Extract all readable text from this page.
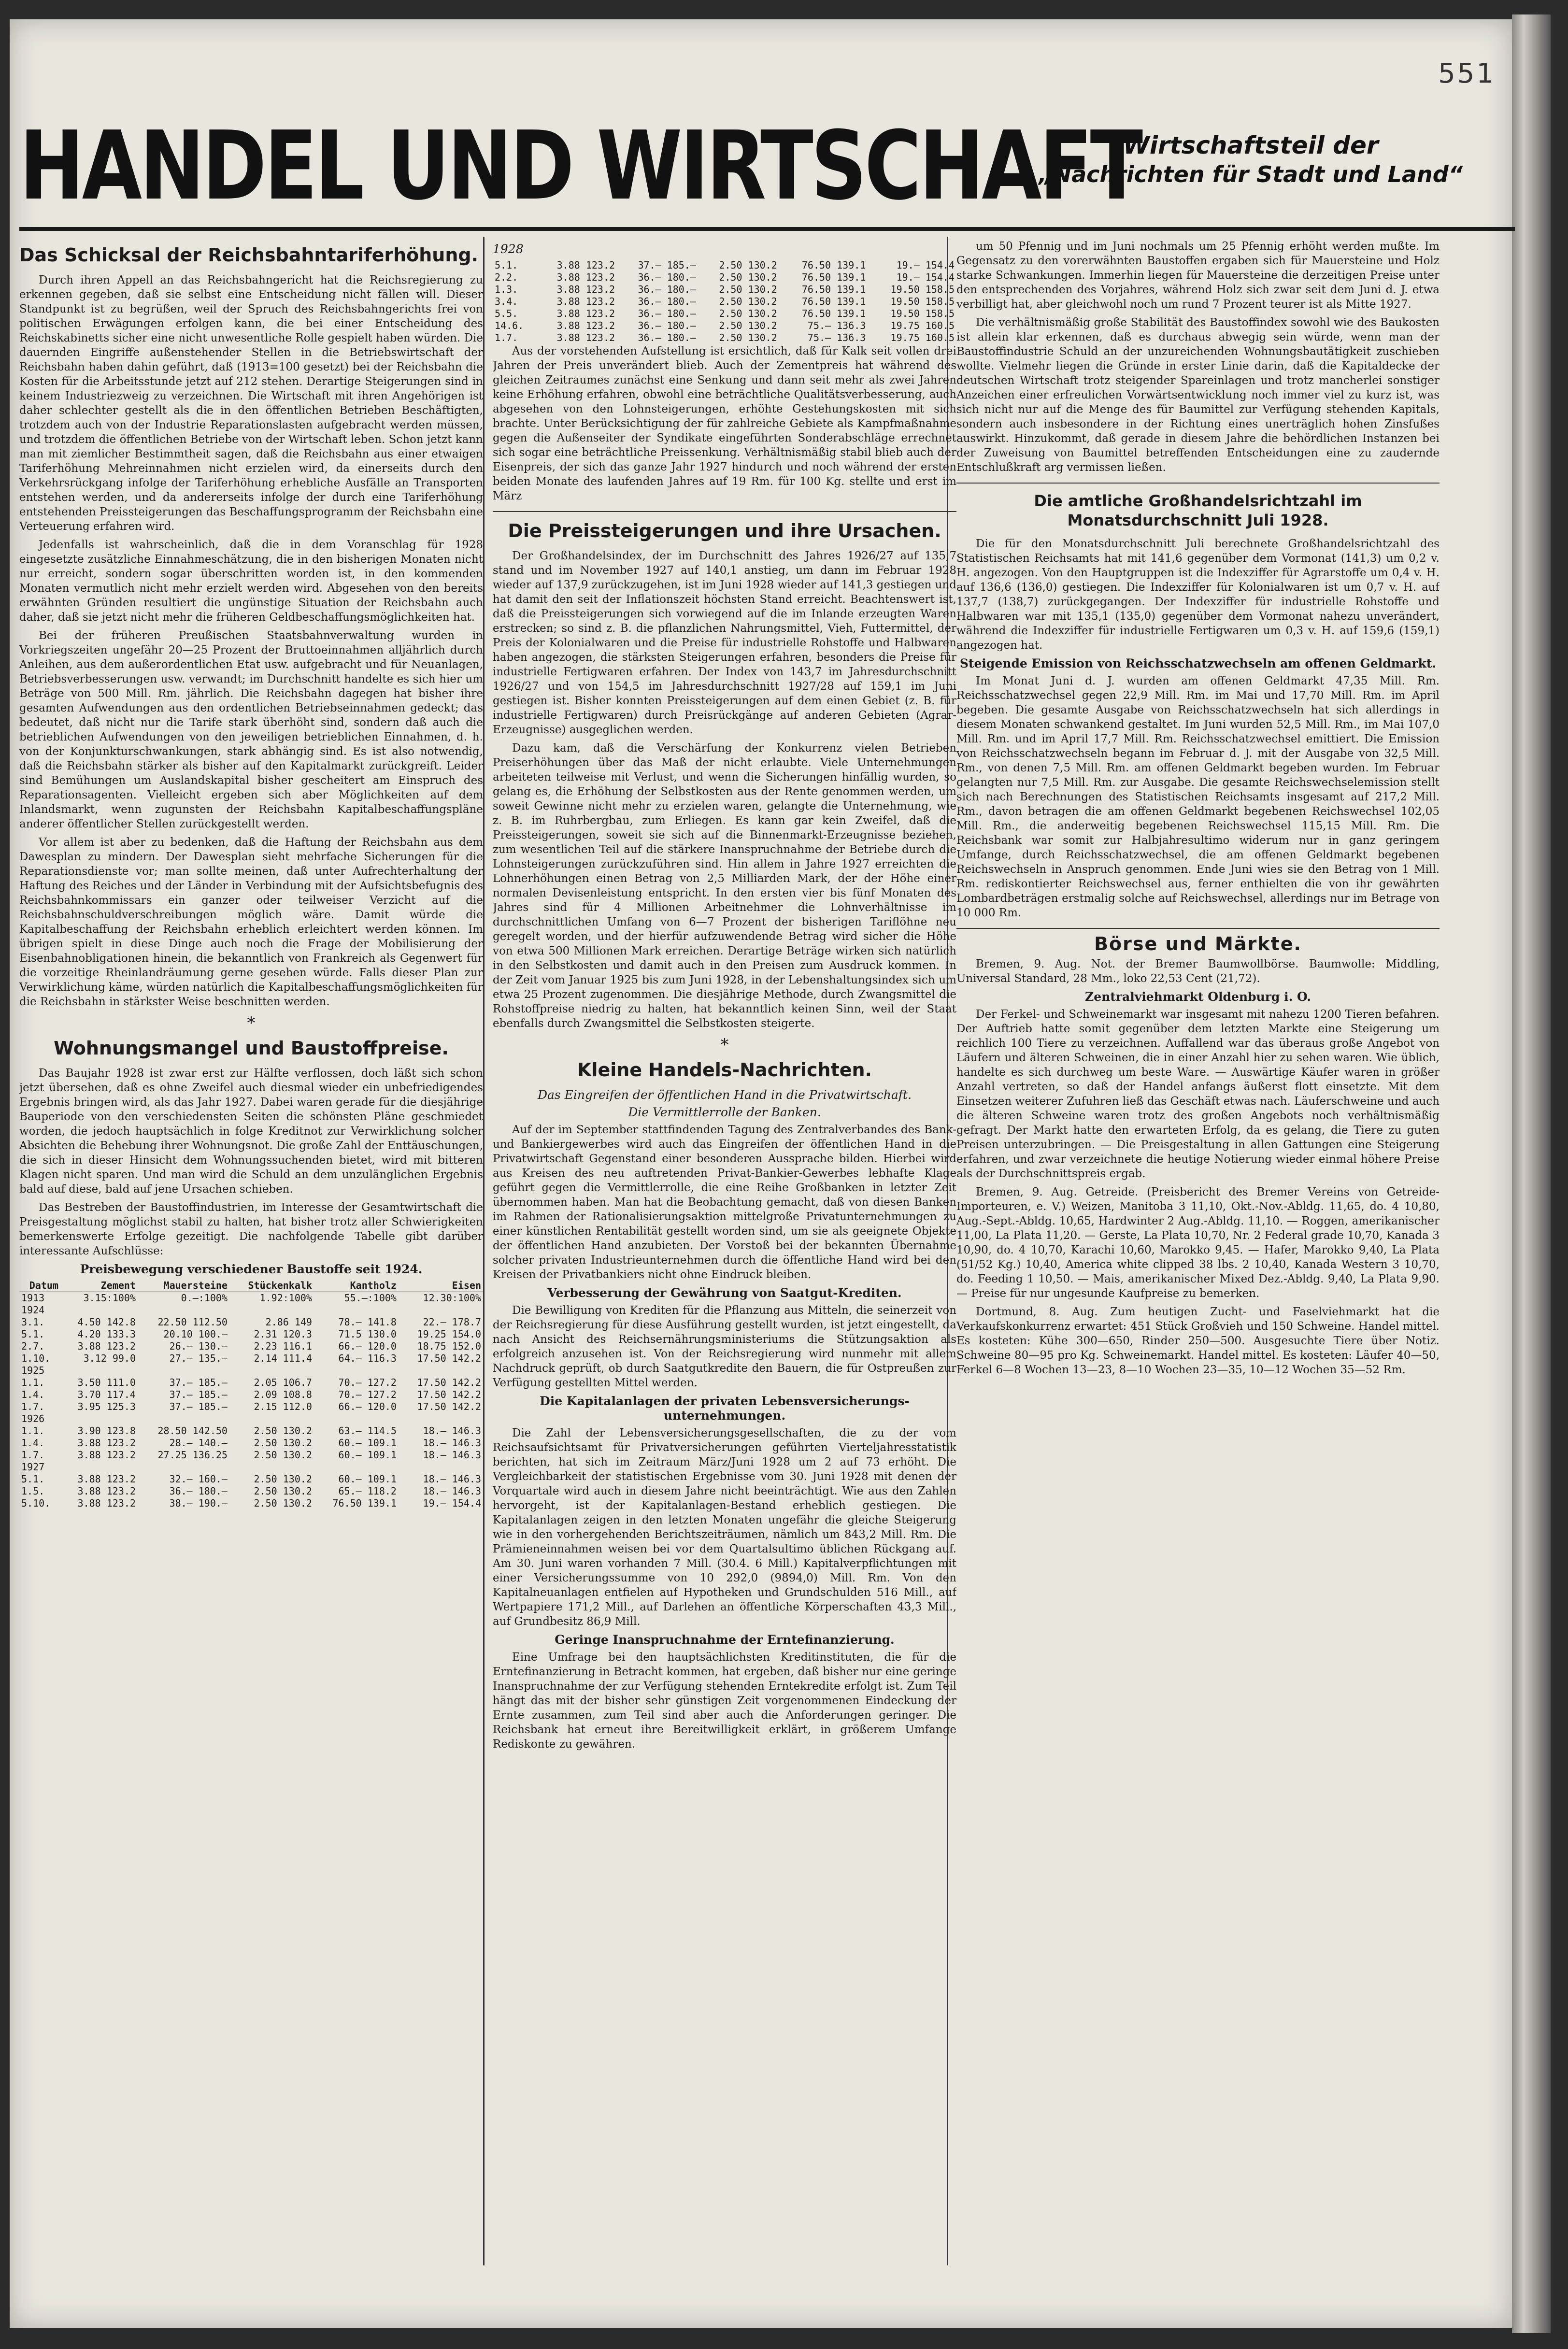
551
HANDEL UND WIRTSCHAFT
Wirtschaftsteil der
„Nachrichten für Stadt und Land“
Das Schicksal der Reichsbahntariferhöhung.

Durch ihren Appell an das Reichsbahngericht hat die Reichsregierung zu erkennen gegeben, daß sie selbst eine Entscheidung nicht fällen will. Dieser Standpunkt ist zu begrüßen, weil der Spruch des Reichsbahngerichts frei von politischen Erwägungen erfolgen kann, die bei einer Entscheidung des Reichskabinetts sicher eine nicht unwesentliche Rolle gespielt haben würden. Die dauernden Eingriffe außenstehender Stellen in die Betriebswirtschaft der Reichsbahn haben dahin geführt, daß (1913=100 gesetzt) bei der Reichsbahn die Kosten für die Arbeitsstunde jetzt auf 212 stehen. Derartige Steigerungen sind in keinem Industriezweig zu verzeichnen. Die Wirtschaft mit ihren Angehörigen ist daher schlechter gestellt als die in den öffentlichen Betrieben Beschäftigten, trotzdem auch von der Industrie Reparationslasten aufgebracht werden müssen, und trotzdem die öffentlichen Betriebe von der Wirtschaft leben. Schon jetzt kann man mit ziemlicher Bestimmtheit sagen, daß die Reichsbahn aus einer etwaigen Tariferhöhung Mehreinnahmen nicht erzielen wird, da einerseits durch den Verkehrsrückgang infolge der Tariferhöhung erhebliche Ausfälle an Transporten entstehen werden, und da andererseits infolge der durch eine Tariferhöhung entstehenden Preissteigerungen das Beschaffungsprogramm der Reichsbahn eine Verteuerung erfahren wird.

Jedenfalls ist wahrscheinlich, daß die in dem Voranschlag für 1928 eingesetzte zusätzliche Einnahmeschätzung, die in den bisherigen Monaten nicht nur erreicht, sondern sogar überschritten worden ist, in den kommenden Monaten vermutlich nicht mehr erzielt werden wird. Abgesehen von den bereits erwähnten Gründen resultiert die ungünstige Situation der Reichsbahn auch daher, daß sie jetzt nicht mehr die früheren Geldbeschaffungsmöglichkeiten hat.

Bei der früheren Preußischen Staatsbahnverwaltung wurden in Vorkriegszeiten ungefähr 20—25 Prozent der Bruttoeinnahmen alljährlich durch Anleihen, aus dem außerordentlichen Etat usw. aufgebracht und für Neuanlagen, Betriebsverbesserungen usw. verwandt; im Durchschnitt handelte es sich hier um Beträge von 500 Mill. Rm. jährlich. Die Reichsbahn dagegen hat bisher ihre gesamten Aufwendungen aus den ordentlichen Betriebseinnahmen gedeckt; das bedeutet, daß nicht nur die Tarife stark überhöht sind, sondern daß auch die betrieblichen Aufwendungen von den jeweiligen betrieblichen Einnahmen, d. h. von der Konjunkturschwankungen, stark abhängig sind. Es ist also notwendig, daß die Reichsbahn stärker als bisher auf den Kapitalmarkt zurückgreift. Leider sind Bemühungen um Auslandskapital bisher gescheitert am Einspruch des Reparationsagenten. Vielleicht ergeben sich aber Möglichkeiten auf dem Inlandsmarkt, wenn zugunsten der Reichsbahn Kapitalbeschaffungspläne anderer öffentlicher Stellen zurückgestellt werden.

Vor allem ist aber zu bedenken, daß die Haftung der Reichsbahn aus dem Dawesplan zu mindern. Der Dawesplan sieht mehrfache Sicherungen für die Reparationsdienste vor; man sollte meinen, daß unter Aufrechterhaltung der Haftung des Reiches und der Länder in Verbindung mit der Aufsichtsbefugnis des Reichsbahnkommissars ein ganzer oder teilweiser Verzicht auf die Reichsbahnschuldverschreibungen möglich wäre. Damit würde die Kapitalbeschaffung der Reichsbahn erheblich erleichtert werden können. Im übrigen spielt in diese Dinge auch noch die Frage der Mobilisierung der Eisenbahnobligationen hinein, die bekanntlich von Frankreich als Gegenwert für die vorzeitige Rheinlandräumung gerne gesehen würde. Falls dieser Plan zur Verwirklichung käme, würden natürlich die Kapitalbeschaffungsmöglichkeiten für die Reichsbahn in stärkster Weise beschnitten werden.

*
Wohnungsmangel und Baustoffpreise.

Das Baujahr 1928 ist zwar erst zur Hälfte verflossen, doch läßt sich schon jetzt übersehen, daß es ohne Zweifel auch diesmal wieder ein unbefriedigendes Ergebnis bringen wird, als das Jahr 1927. Dabei waren gerade für die diesjährige Bauperiode von den verschiedensten Seiten die schönsten Pläne geschmiedet worden, die jedoch hauptsächlich in folge Kreditnot zur Verwirklichung solcher Absichten die Behebung ihrer Wohnungsnot. Die große Zahl der Enttäuschungen, die sich in dieser Hinsicht dem Wohnungssuchenden bietet, wird mit bitteren Klagen nicht sparen. Und man wird die Schuld an dem unzulänglichen Ergebnis bald auf diese, bald auf jene Ursachen schieben.

Das Bestreben der Baustoffindustrien, im Interesse der Gesamtwirtschaft die Preisgestaltung möglichst stabil zu halten, hat bisher trotz aller Schwierigkeiten bemerkenswerte Erfolge gezeitigt. Die nachfolgende Tabelle gibt darüber interessante Aufschlüsse:

Preisbewegung verschiedener Baustoffe seit 1924.
Datum	Zement	Mauersteine	Stückenkalk	Kantholz	Eisen
1913	3.15:100%	0.—:100%	1.92:100%	55.—:100%	12.30:100%
1924					
3.1.	4.50 142.8	22.50 112.50	2.86 149	78.— 141.8	22.— 178.7
5.1.	4.20 133.3	20.10 100.—	2.31 120.3	71.5 130.0	19.25 154.0
2.7.	3.88 123.2	26.— 130.—	2.23 116.1	66.— 120.0	18.75 152.0
1.10.	3.12 99.0	27.— 135.—	2.14 111.4	64.— 116.3	17.50 142.2
1925					
1.1.	3.50 111.0	37.— 185.—	2.05 106.7	70.— 127.2	17.50 142.2
1.4.	3.70 117.4	37.— 185.—	2.09 108.8	70.— 127.2	17.50 142.2
1.7.	3.95 125.3	37.— 185.—	2.15 112.0	66.— 120.0	17.50 142.2
1926					
1.1.	3.90 123.8	28.50 142.50	2.50 130.2	63.— 114.5	18.— 146.3
1.4.	3.88 123.2	28.— 140.—	2.50 130.2	60.— 109.1	18.— 146.3
1.7.	3.88 123.2	27.25 136.25	2.50 130.2	60.— 109.1	18.— 146.3
1927					
5.1.	3.88 123.2	32.— 160.—	2.50 130.2	60.— 109.1	18.— 146.3
1.5.	3.88 123.2	36.— 180.—	2.50 130.2	65.— 118.2	18.— 146.3
5.10.	3.88 123.2	38.— 190.—	2.50 130.2	76.50 139.1	19.— 154.4
1928
5.1.	3.88 123.2	37.— 185.—	2.50 130.2	76.50 139.1	19.— 154.4
2.2.	3.88 123.2	36.— 180.—	2.50 130.2	76.50 139.1	19.— 154.4
1.3.	3.88 123.2	36.— 180.—	2.50 130.2	76.50 139.1	19.50 158.5
3.4.	3.88 123.2	36.— 180.—	2.50 130.2	76.50 139.1	19.50 158.5
5.5.	3.88 123.2	36.— 180.—	2.50 130.2	76.50 139.1	19.50 158.5
14.6.	3.88 123.2	36.— 180.—	2.50 130.2	75.— 136.3	19.75 160.5
1.7.	3.88 123.2	36.— 180.—	2.50 130.2	75.— 136.3	19.75 160.5

Aus der vorstehenden Aufstellung ist ersichtlich, daß für Kalk seit vollen drei Jahren der Preis unverändert blieb. Auch der Zementpreis hat während des gleichen Zeitraumes zunächst eine Senkung und dann seit mehr als zwei Jahren keine Erhöhung erfahren, obwohl eine beträchtliche Qualitätsverbesserung, auch abgesehen von den Lohnsteigerungen, erhöhte Gestehungskosten mit sich brachte. Unter Berücksichtigung der für zahlreiche Gebiete als Kampfmaßnahme gegen die Außenseiter der Syndikate eingeführten Sonderabschläge errechnet sich sogar eine beträchtliche Preissenkung. Verhältnismäßig stabil blieb auch der Eisenpreis, der sich das ganze Jahr 1927 hindurch und noch während der ersten beiden Monate des laufenden Jahres auf 19 Rm. für 100 Kg. stellte und erst im März

Die Preissteigerungen und ihre Ursachen.

Der Großhandelsindex, der im Durchschnitt des Jahres 1926/27 auf 135,7 stand und im November 1927 auf 140,1 anstieg, um dann im Februar 1928 wieder auf 137,9 zurückzugehen, ist im Juni 1928 wieder auf 141,3 gestiegen und hat damit den seit der Inflationszeit höchsten Stand erreicht. Beachtenswert ist, daß die Preissteigerungen sich vorwiegend auf die im Inlande erzeugten Waren erstrecken; so sind z. B. die pflanzlichen Nahrungsmittel, Vieh, Futtermittel, der Preis der Kolonialwaren und die Preise für industrielle Rohstoffe und Halbwaren haben angezogen, die stärksten Steigerungen erfahren, besonders die Preise für industrielle Fertigwaren erfahren. Der Index von 143,7 im Jahresdurchschnitt 1926/27 und von 154,5 im Jahresdurchschnitt 1927/28 auf 159,1 im Juni gestiegen ist. Bisher konnten Preissteigerungen auf dem einen Gebiet (z. B. für industrielle Fertigwaren) durch Preisrückgänge auf anderen Gebieten (Agrar-Erzeugnisse) ausgeglichen werden.

Dazu kam, daß die Verschärfung der Konkurrenz vielen Betrieben Preiserhöhungen über das Maß der nicht erlaubte. Viele Unternehmungen arbeiteten teilweise mit Verlust, und wenn die Sicherungen hinfällig wurden, so gelang es, die Erhöhung der Selbstkosten aus der Rente genommen werden, um soweit Gewinne nicht mehr zu erzielen waren, gelangte die Unternehmung, wie z. B. im Ruhrbergbau, zum Erliegen. Es kann gar kein Zweifel, daß die Preissteigerungen, soweit sie sich auf die Binnenmarkt-Erzeugnisse beziehen, zum wesentlichen Teil auf die stärkere Inanspruchnahme der Betriebe durch die Lohnsteigerungen zurückzuführen sind. Hin allem in Jahre 1927 erreichten die Lohnerhöhungen einen Betrag von 2,5 Milliarden Mark, der der Höhe einer normalen Devisenleistung entspricht. In den ersten vier bis fünf Monaten des Jahres sind für 4 Millionen Arbeitnehmer die Lohnverhältnisse im durchschnittlichen Umfang von 6—7 Prozent der bisherigen Tariflöhne neu geregelt worden, und der hierfür aufzuwendende Betrag wird sicher die Höhe von etwa 500 Millionen Mark erreichen. Derartige Beträge wirken sich natürlich in den Selbstkosten und damit auch in den Preisen zum Ausdruck kommen. In der Zeit vom Januar 1925 bis zum Juni 1928, in der Lebenshaltungsindex sich um etwa 25 Prozent zugenommen. Die diesjährige Methode, durch Zwangsmittel die Rohstoffpreise niedrig zu halten, hat bekanntlich keinen Sinn, weil der Staat ebenfalls durch Zwangsmittel die Selbstkosten steigerte.

*
Kleine Handels-Nachrichten.
Das Eingreifen der öffentlichen Hand in die Privatwirtschaft.
Die Vermittlerrolle der Banken.

Auf der im September stattfindenden Tagung des Zentralverbandes des Bank- und Bankiergewerbes wird auch das Eingreifen der öffentlichen Hand in die Privatwirtschaft Gegenstand einer besonderen Aussprache bilden. Hierbei wird aus Kreisen des neu auftretenden Privat-Bankier-Gewerbes lebhafte Klage geführt gegen die Vermittlerrolle, die eine Reihe Großbanken in letzter Zeit übernommen haben. Man hat die Beobachtung gemacht, daß von diesen Banken im Rahmen der Rationalisierungsaktion mittelgroße Privatunternehmungen zu einer künstlichen Rentabilität gestellt worden sind, um sie als geeignete Objekte der öffentlichen Hand anzubieten. Der Vorstoß bei der bekannten Übernahme solcher privaten Industrieunternehmen durch die öffentliche Hand wird bei den Kreisen der Privatbankiers nicht ohne Eindruck bleiben.

Verbesserung der Gewährung von Saatgut-Krediten.

Die Bewilligung von Krediten für die Pflanzung aus Mitteln, die seinerzeit von der Reichsregierung für diese Ausführung gestellt wurden, ist jetzt eingestellt, da nach Ansicht des Reichsernährungsministeriums die Stützungsaktion als erfolgreich anzusehen ist. Von der Reichsregierung wird nunmehr mit allem Nachdruck geprüft, ob durch Saatgutkredite den Bauern, die für Ostpreußen zur Verfügung gestellten Mittel werden.

Die Kapitalanlagen der privaten Lebensversicherungs-unternehmungen.

Die Zahl der Lebensversicherungsgesellschaften, die zu der vom Reichsaufsichtsamt für Privatversicherungen geführten Vierteljahresstatistik berichten, hat sich im Zeitraum März/Juni 1928 um 2 auf 73 erhöht. Die Vergleichbarkeit der statistischen Ergebnisse vom 30. Juni 1928 mit denen der Vorquartale wird auch in diesem Jahre nicht beeinträchtigt. Wie aus den Zahlen hervorgeht, ist der Kapitalanlagen-Bestand erheblich gestiegen. Die Kapitalanlagen zeigen in den letzten Monaten ungefähr die gleiche Steigerung wie in den vorhergehenden Berichtszeiträumen, nämlich um 843,2 Mill. Rm. Die Prämieneinnahmen weisen bei vor dem Quartalsultimo üblichen Rückgang auf. Am 30. Juni waren vorhanden 7 Mill. (30.4. 6 Mill.) Kapitalverpflichtungen mit einer Versicherungssumme von 10 292,0 (9894,0) Mill. Rm. Von den Kapitalneuanlagen entfielen auf Hypotheken und Grundschulden 516 Mill., auf Wertpapiere 171,2 Mill., auf Darlehen an öffentliche Körperschaften 43,3 Mill., auf Grundbesitz 86,9 Mill.

Geringe Inanspruchnahme der Erntefinanzierung.

Eine Umfrage bei den hauptsächlichsten Kreditinstituten, die für die Erntefinanzierung in Betracht kommen, hat ergeben, daß bisher nur eine geringe Inanspruchnahme der zur Verfügung stehenden Erntekredite erfolgt ist. Zum Teil hängt das mit der bisher sehr günstigen Zeit vorgenommenen Eindeckung der Ernte zusammen, zum Teil sind aber auch die Anforderungen geringer. Die Reichsbank hat erneut ihre Bereitwilligkeit erklärt, in größerem Umfange Rediskonte zu gewähren.

um 50 Pfennig und im Juni nochmals um 25 Pfennig erhöht werden mußte. Im Gegensatz zu den vorerwähnten Baustoffen ergaben sich für Mauersteine und Holz starke Schwankungen. Immerhin liegen für Mauersteine die derzeitigen Preise unter den entsprechenden des Vorjahres, während Holz sich zwar seit dem Juni d. J. etwa verbilligt hat, aber gleichwohl noch um rund 7 Prozent teurer ist als Mitte 1927.

Die verhältnismäßig große Stabilität des Baustoffindex sowohl wie des Baukosten ist allein klar erkennen, daß es durchaus abwegig sein würde, wenn man der Baustoffindustrie Schuld an der unzureichenden Wohnungsbautätigkeit zuschieben wollte. Vielmehr liegen die Gründe in erster Linie darin, daß die Kapitaldecke der deutschen Wirtschaft trotz steigender Spareinlagen und trotz mancherlei sonstiger Anzeichen einer erfreulichen Vorwärtsentwicklung noch immer viel zu kurz ist, was sich nicht nur auf die Menge des für Baumittel zur Verfügung stehenden Kapitals, sondern auch insbesondere in der Richtung eines unerträglich hohen Zinsfußes auswirkt. Hinzukommt, daß gerade in diesem Jahre die behördlichen Instanzen bei der Zuweisung von Baumittel betreffenden Entscheidungen eine zu zaudernde Entschlußkraft arg vermissen ließen.

Die amtliche Großhandelsrichtzahl im Monatsdurchschnitt Juli 1928.

Die für den Monatsdurchschnitt Juli berechnete Großhandelsrichtzahl des Statistischen Reichsamts hat mit 141,6 gegenüber dem Vormonat (141,3) um 0,2 v. H. angezogen. Von den Hauptgruppen ist die Indexziffer für Agrarstoffe um 0,4 v. H. auf 136,6 (136,0) gestiegen. Die Indexziffer für Kolonialwaren ist um 0,7 v. H. auf 137,7 (138,7) zurückgegangen. Der Indexziffer für industrielle Rohstoffe und Halbwaren war mit 135,1 (135,0) gegenüber dem Vormonat nahezu unverändert, während die Indexziffer für industrielle Fertigwaren um 0,3 v. H. auf 159,6 (159,1) angezogen hat.

Steigende Emission von Reichsschatzwechseln am offenen Geldmarkt.

Im Monat Juni d. J. wurden am offenen Geldmarkt 47,35 Mill. Rm. Reichsschatzwechsel gegen 22,9 Mill. Rm. im Mai und 17,70 Mill. Rm. im April begeben. Die gesamte Ausgabe von Reichsschatzwechseln hat sich allerdings in diesem Monaten schwankend gestaltet. Im Juni wurden 52,5 Mill. Rm., im Mai 107,0 Mill. Rm. und im April 17,7 Mill. Rm. Reichsschatzwechsel emittiert. Die Emission von Reichsschatzwechseln begann im Februar d. J. mit der Ausgabe von 32,5 Mill. Rm., von denen 7,5 Mill. Rm. am offenen Geldmarkt begeben wurden. Im Februar gelangten nur 7,5 Mill. Rm. zur Ausgabe. Die gesamte Reichswechselemission stellt sich nach Berechnungen des Statistischen Reichsamts insgesamt auf 217,2 Mill. Rm., davon betragen die am offenen Geldmarkt begebenen Reichswechsel 102,05 Mill. Rm., die anderweitig begebenen Reichswechsel 115,15 Mill. Rm. Die Reichsbank war somit zur Halbjahresultimo widerum nur in ganz geringem Umfange, durch Reichsschatzwechsel, die am offenen Geldmarkt begebenen Reichswechseln in Anspruch genommen. Ende Juni wies sie den Betrag von 1 Mill. Rm. rediskontierter Reichswechsel aus, ferner enthielten die von ihr gewährten Lombardbeträgen erstmalig solche auf Reichswechsel, allerdings nur im Betrage von 10 000 Rm.

Börse und Märkte.

Bremen, 9. Aug. Not. der Bremer Baumwollbörse. Baumwolle: Middling, Universal Standard, 28 Mm., loko 22,53 Cent (21,72).

Zentralviehmarkt Oldenburg i. O.

Der Ferkel- und Schweinemarkt war insgesamt mit nahezu 1200 Tieren befahren. Der Auftrieb hatte somit gegenüber dem letzten Markte eine Steigerung um reichlich 100 Tiere zu verzeichnen. Auffallend war das überaus große Angebot von Läufern und älteren Schweinen, die in einer Anzahl hier zu sehen waren. Wie üblich, handelte es sich durchweg um beste Ware. — Auswärtige Käufer waren in größer Anzahl vertreten, so daß der Handel anfangs äußerst flott einsetzte. Mit dem Einsetzen weiterer Zufuhren ließ das Geschäft etwas nach. Läuferschweine und auch die älteren Schweine waren trotz des großen Angebots noch verhältnismäßig gefragt. Der Markt hatte den erwarteten Erfolg, da es gelang, die Tiere zu guten Preisen unterzubringen. — Die Preisgestaltung in allen Gattungen eine Steigerung erfahren, und zwar verzeichnete die heutige Notierung wieder einmal höhere Preise als der Durchschnittspreis ergab.

Bremen, 9. Aug. Getreide. (Preisbericht des Bremer Vereins von Getreide-Importeuren, e. V.) Weizen, Manitoba 3 11,10, Okt.-Nov.-Abldg. 11,65, do. 4 10,80, Aug.-Sept.-Abldg. 10,65, Hardwinter 2 Aug.-Abldg. 11,10. — Roggen, amerikanischer 11,00, La Plata 11,20. — Gerste, La Plata 10,70, Nr. 2 Federal grade 10,70, Kanada 3 10,90, do. 4 10,70, Karachi 10,60, Marokko 9,45. — Hafer, Marokko 9,40, La Plata (51/52 Kg.) 10,40, America white clipped 38 lbs. 2 10,40, Kanada Western 3 10,70, do. Feeding 1 10,50. — Mais, amerikanischer Mixed Dez.-Abldg. 9,40, La Plata 9,90. — Preise für nur ungesunde Kaufpreise zu bemerken.

Dortmund, 8. Aug. Zum heutigen Zucht- und Faselviehmarkt hat die Verkaufskonkurrenz erwartet: 451 Stück Großvieh und 150 Schweine. Handel mittel. Es kosteten: Kühe 300—650, Rinder 250—500. Ausgesuchte Tiere über Notiz. Schweine 80—95 pro Kg. Schweinemarkt. Handel mittel. Es kosteten: Läufer 40—50, Ferkel 6—8 Wochen 13—23, 8—10 Wochen 23—35, 10—12 Wochen 35—52 Rm.
